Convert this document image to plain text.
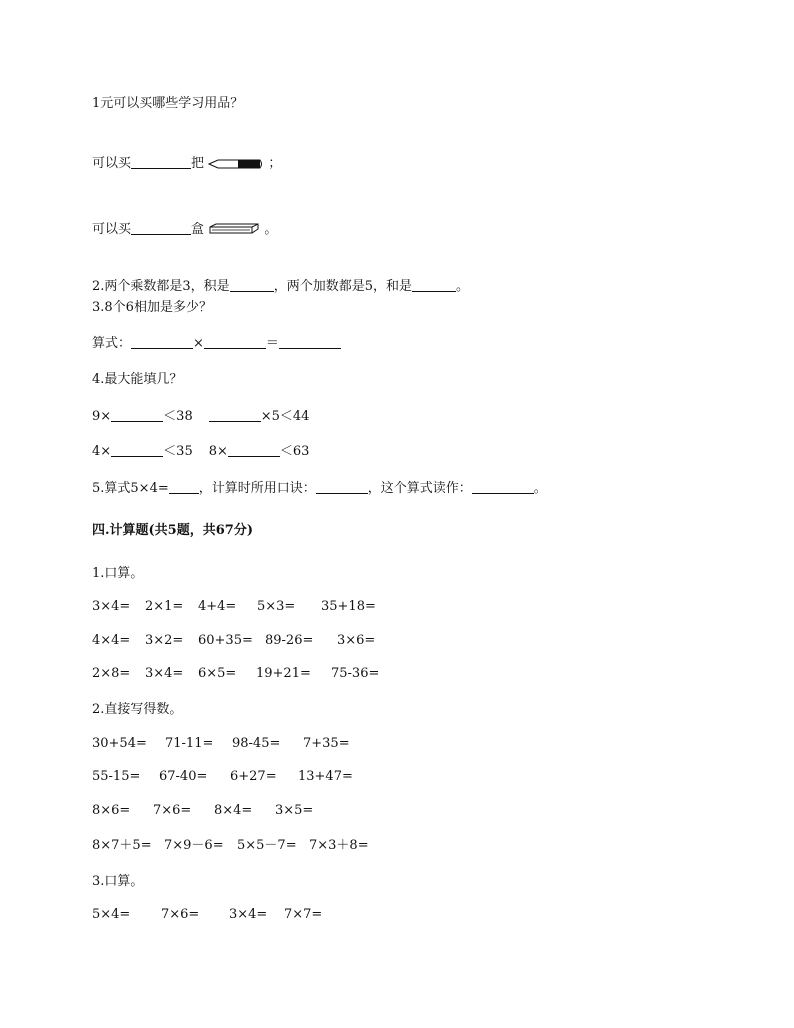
1元可以买哪些学习用品？
可以买	把	；
可以买	盒	。
2.两个乘数都是3，积是	，两个加数都是5，和是	。
3.8个6相加是多少？
算式：	×	＝
4.最大能填几？
9×	＜38	×5＜44
4×	＜35 8×	＜63
5.算式5×4= ，计算时所用口诀：	，这个算式读作：	。
四.计算题(共5题，共67分)
1.口算。
3×4= 2×1= 4+4= 5×3= 35+18=
4×4= 3×2= 60+35= 89-26= 3×6=
2×8= 3×4= 6×5= 19+21= 75-36=
2.直接写得数。
30+54= 71-11= 98-45= 7+35=
55-15= 67-40= 6+27= 13+47=
8×6= 7×6= 8×4= 3×5=
8×7＋5= 7×9－6= 5×5－7= 7×3＋8=
3.口算。
5×4= 7×6= 3×4= 7×7=
